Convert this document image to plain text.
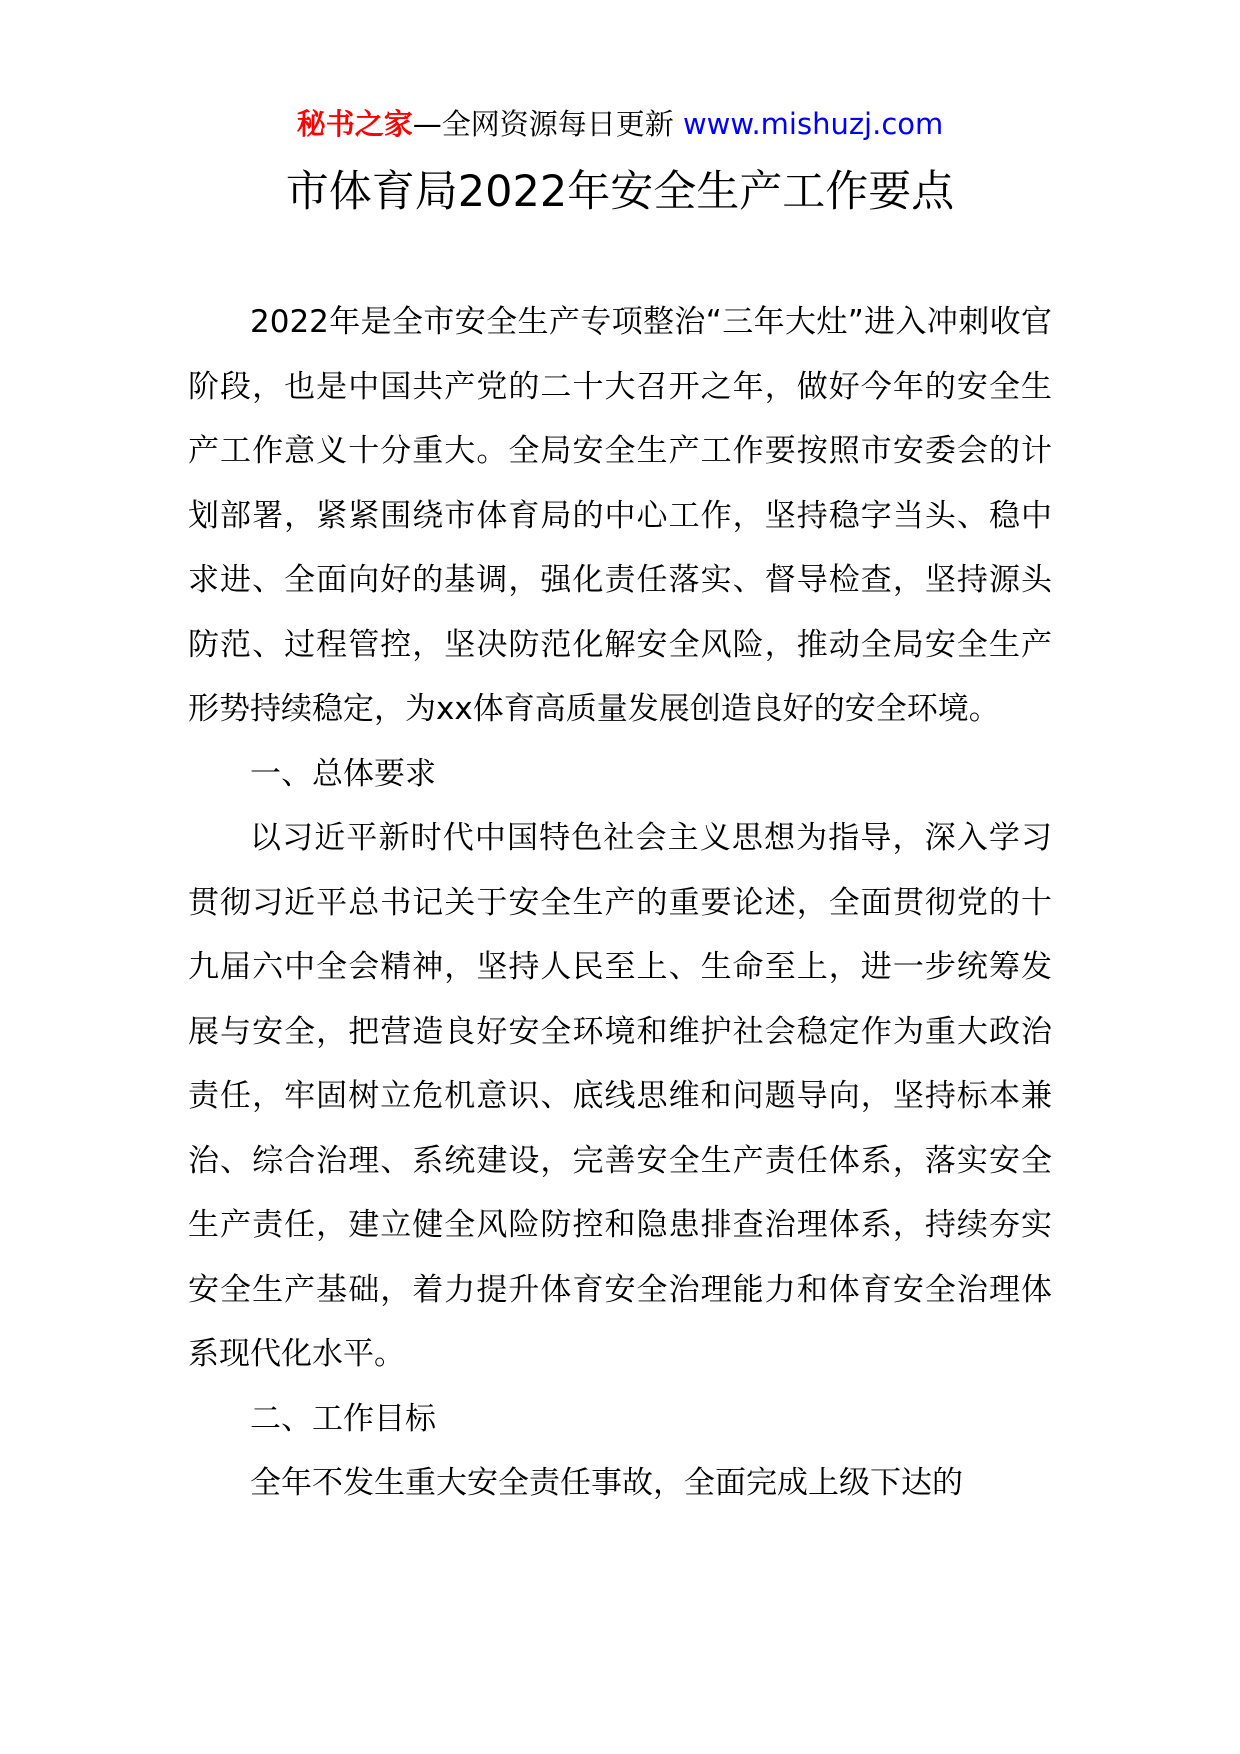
秘书之家—全网资源每日更新 www.mishuzj.com
市体育局2022年安全生产工作要点

2022年是全市安全生产专项整治“三年大灶”进入冲刺收官阶段，也是中国共产党的二十大召开之年，做好今年的安全生产工作意义十分重大。全局安全生产工作要按照市安委会的计划部署，紧紧围绕市体育局的中心工作，坚持稳字当头、稳中求进、全面向好的基调，强化责任落实、督导检查，坚持源头防范、过程管控，坚决防范化解安全风险，推动全局安全生产形势持续稳定，为xx体育高质量发展创造良好的安全环境。

一、总体要求

以习近平新时代中国特色社会主义思想为指导，深入学习贯彻习近平总书记关于安全生产的重要论述，全面贯彻党的十九届六中全会精神，坚持人民至上、生命至上，进一步统筹发展与安全，把营造良好安全环境和维护社会稳定作为重大政治责任，牢固树立危机意识、底线思维和问题导向，坚持标本兼治、综合治理、系统建设，完善安全生产责任体系，落实安全生产责任，建立健全风险防控和隐患排查治理体系，持续夯实安全生产基础，着力提升体育安全治理能力和体育安全治理体系现代化水平。

二、工作目标

全年不发生重大安全责任事故，全面完成上级下达的
